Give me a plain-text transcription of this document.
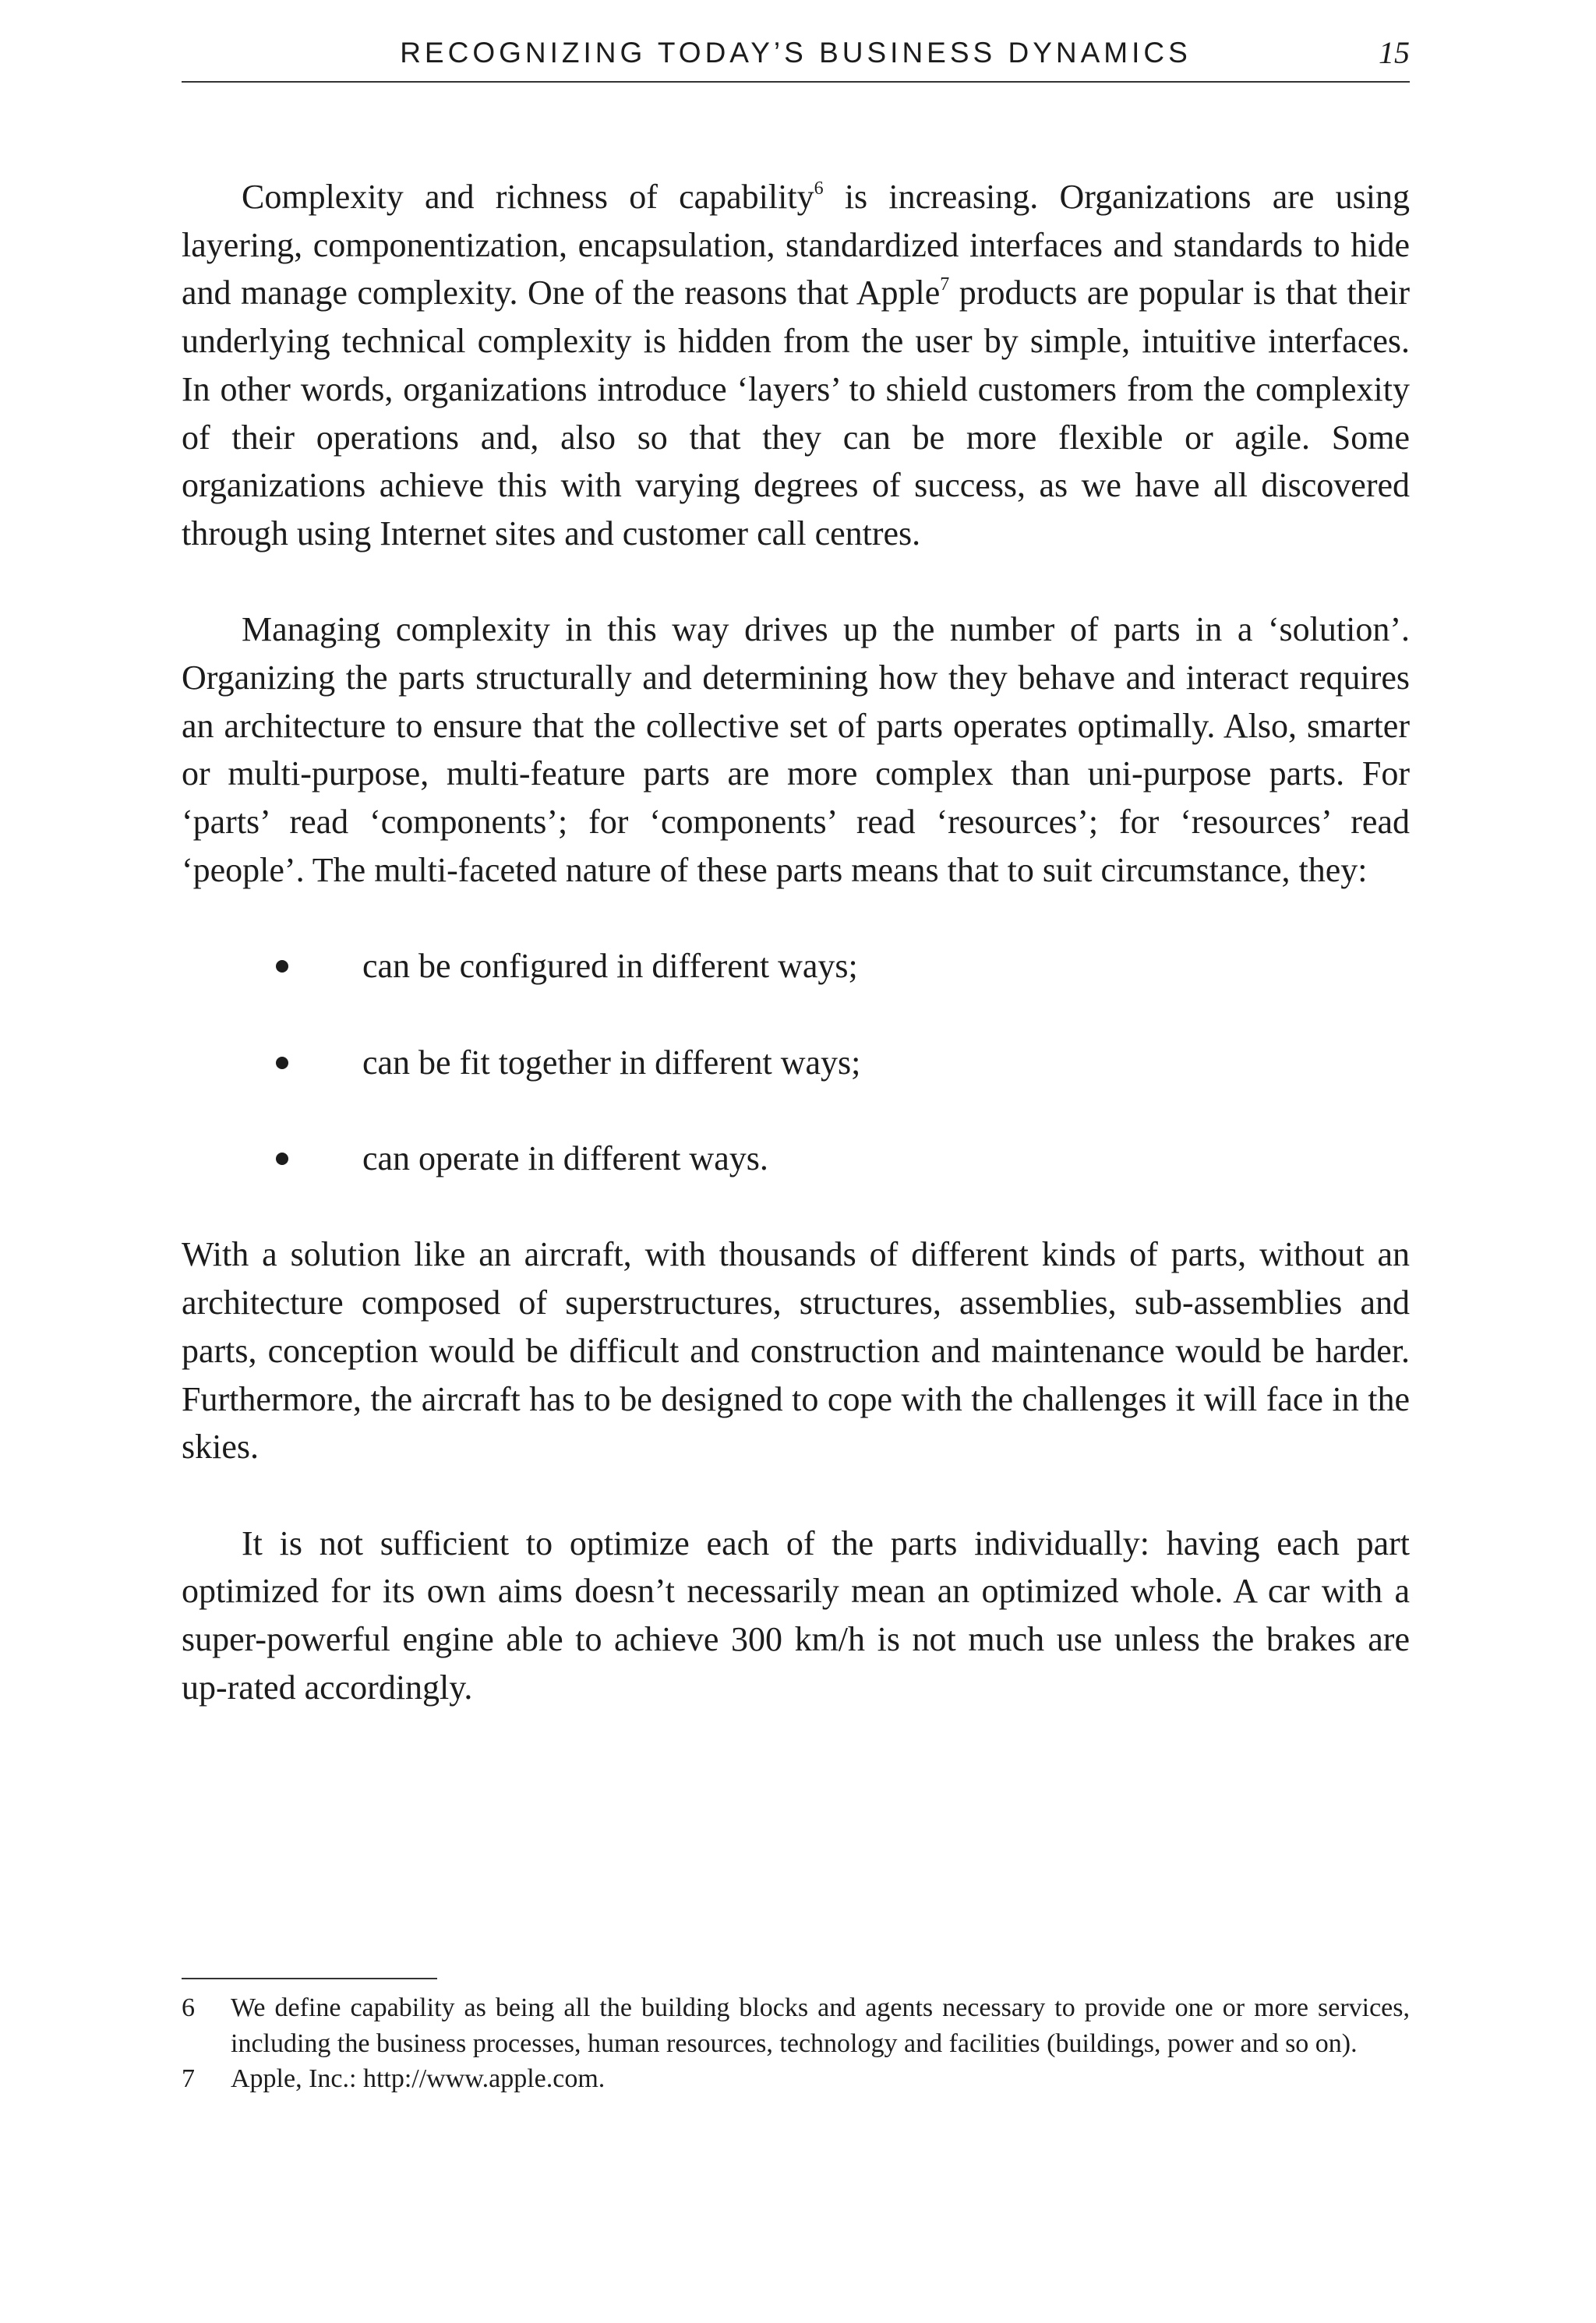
RECOGNIZING TODAY’S BUSINESS DYNAMICS	15

Complexity and richness of capability$^6$ is increasing. Organizations are using layering, componentization, encapsulation, standardized interfaces and standards to hide and manage complexity. One of the reasons that Apple$^7$ products are popular is that their underlying technical complexity is hidden from the user by simple, intuitive interfaces. In other words, organizations introduce ‘layers’ to shield customers from the complexity of their operations and, also so that they can be more flexible or agile. Some organizations achieve this with varying degrees of success, as we have all discovered through using Internet sites and customer call centres.

Managing complexity in this way drives up the number of parts in a ‘solution’. Organizing the parts structurally and determining how they behave and interact requires an architecture to ensure that the collective set of parts operates optimally. Also, smarter or multi-purpose, multi-feature parts are more complex than uni-purpose parts. For ‘parts’ read ‘components’; for ‘components’ read ‘resources’; for ‘resources’ read ‘people’. The multi-faceted nature of these parts means that to suit circumstance, they:

can be configured in different ways;
can be fit together in different ways;
can operate in different ways.

With a solution like an aircraft, with thousands of different kinds of parts, without an architecture composed of superstructures, structures, assemblies, sub-assemblies and parts, conception would be difficult and construction and maintenance would be harder. Furthermore, the aircraft has to be designed to cope with the challenges it will face in the skies.

It is not sufficient to optimize each of the parts individually: having each part optimized for its own aims doesn’t necessarily mean an optimized whole. A car with a super-powerful engine able to achieve 300 km/h is not much use unless the brakes are up-rated accordingly.

6 We define capability as being all the building blocks and agents necessary to provide one or more services, including the business processes, human resources, technology and facilities (buildings, power and so on).
7 Apple, Inc.: http://www.apple.com.
